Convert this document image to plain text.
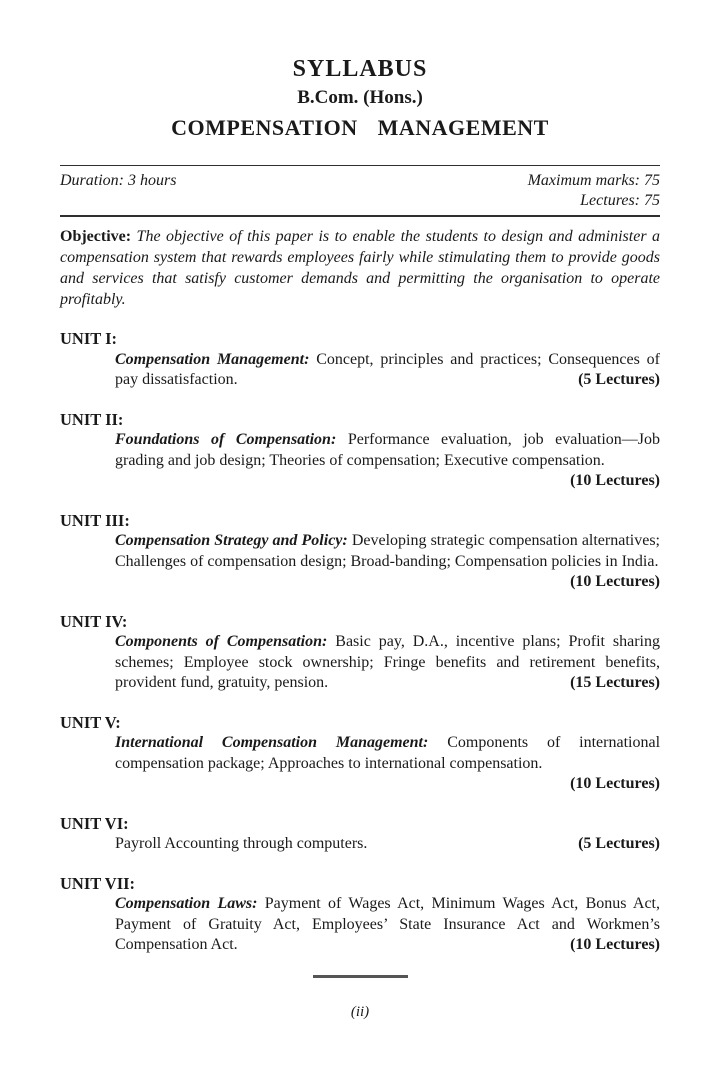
SYLLABUS
B.Com. (Hons.)
COMPENSATION MANAGEMENT
Duration: 3 hours	Maximum marks: 75
Lectures: 75

Objective: The objective of this paper is to enable the students to design and administer a compensation system that rewards employees fairly while stimulating them to provide goods and services that satisfy customer demands and permitting the organisation to operate profitably.

UNIT I:

Compensation Management: Concept, principles and practices; Consequences of pay dissatisfaction.	(5 Lectures)

UNIT II:

Foundations of Compensation: Performance evaluation, job evaluation—Job grading and job design; Theories of compensation; Executive compensation.
(10 Lectures)

UNIT III:

Compensation Strategy and Policy: Developing strategic compensation alternatives; Challenges of compensation design; Broad-banding; Compensation policies in India.
(10 Lectures)

UNIT IV:

Components of Compensation: Basic pay, D.A., incentive plans; Profit sharing schemes; Employee stock ownership; Fringe benefits and retirement benefits, provident fund, gratuity, pension.	(15 Lectures)

UNIT V:

International Compensation Management: Components of international compensation package; Approaches to international compensation.
(10 Lectures)

UNIT VI:

Payroll Accounting through computers.	(5 Lectures)

UNIT VII:

Compensation Laws: Payment of Wages Act, Minimum Wages Act, Bonus Act, Payment of Gratuity Act, Employees’ State Insurance Act and Workmen’s Compensation Act.	(10 Lectures)

(ii)
